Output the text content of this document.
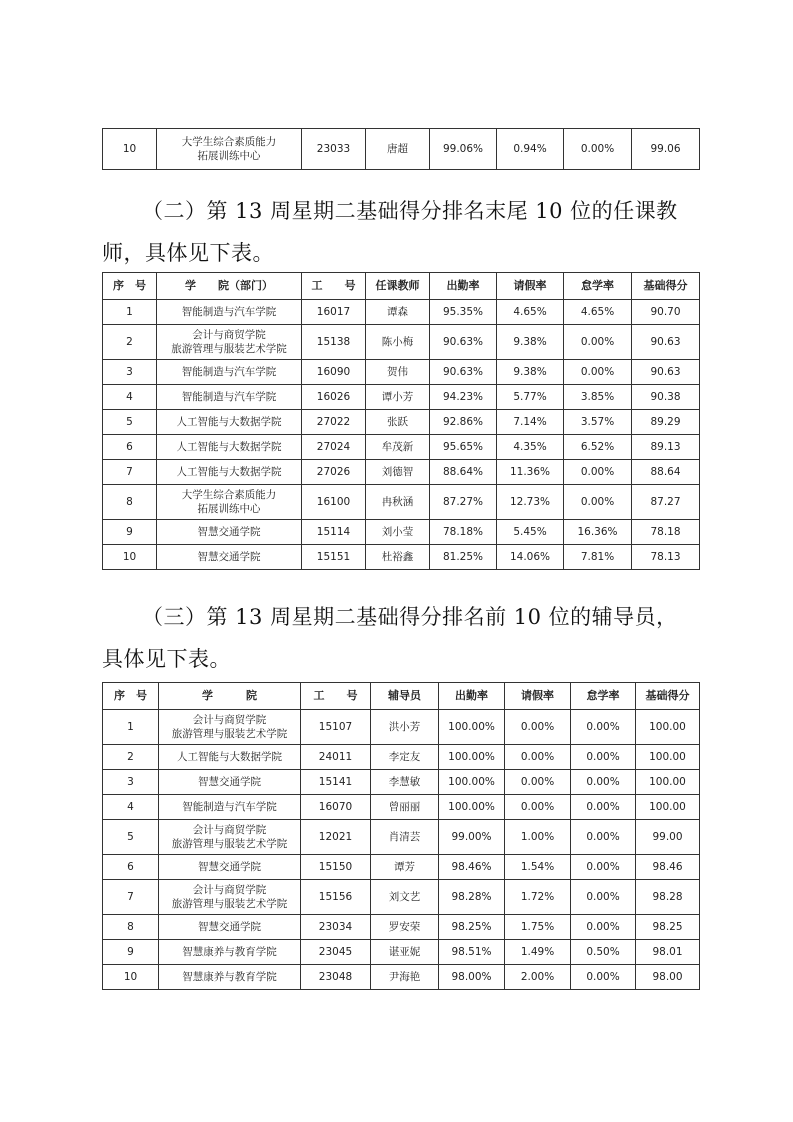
10	大学生综合素质能力
拓展训练中心	23033	唐超	99.06%	0.94%	0.00%	99.06

（二）第 13 周星期二基础得分排名末尾 10 位的任课教师，具体见下表。

序　号	学　　院（部门）	工　　号	任课教师	出勤率	请假率	怠学率	基础得分
1	智能制造与汽车学院	16017	谭森	95.35%	4.65%	4.65%	90.70
2	会计与商贸学院
旅游管理与服装艺术学院	15138	陈小梅	90.63%	9.38%	0.00%	90.63
3	智能制造与汽车学院	16090	贺伟	90.63%	9.38%	0.00%	90.63
4	智能制造与汽车学院	16026	谭小芳	94.23%	5.77%	3.85%	90.38
5	人工智能与大数据学院	27022	张跃	92.86%	7.14%	3.57%	89.29
6	人工智能与大数据学院	27024	牟茂新	95.65%	4.35%	6.52%	89.13
7	人工智能与大数据学院	27026	刘德智	88.64%	11.36%	0.00%	88.64
8	大学生综合素质能力
拓展训练中心	16100	冉秋涵	87.27%	12.73%	0.00%	87.27
9	智慧交通学院	15114	刘小莹	78.18%	5.45%	16.36%	78.18
10	智慧交通学院	15151	杜裕鑫	81.25%	14.06%	7.81%	78.13

（三）第 13 周星期二基础得分排名前 10 位的辅导员，具体见下表。

序　号	学　　　院	工　　号	辅导员	出勤率	请假率	怠学率	基础得分
1	会计与商贸学院
旅游管理与服装艺术学院	15107	洪小芳	100.00%	0.00%	0.00%	100.00
2	人工智能与大数据学院	24011	李定友	100.00%	0.00%	0.00%	100.00
3	智慧交通学院	15141	李慧敏	100.00%	0.00%	0.00%	100.00
4	智能制造与汽车学院	16070	曾丽丽	100.00%	0.00%	0.00%	100.00
5	会计与商贸学院
旅游管理与服装艺术学院	12021	肖清芸	99.00%	1.00%	0.00%	99.00
6	智慧交通学院	15150	谭芳	98.46%	1.54%	0.00%	98.46
7	会计与商贸学院
旅游管理与服装艺术学院	15156	刘文艺	98.28%	1.72%	0.00%	98.28
8	智慧交通学院	23034	罗安荣	98.25%	1.75%	0.00%	98.25
9	智慧康养与教育学院	23045	谌亚妮	98.51%	1.49%	0.50%	98.01
10	智慧康养与教育学院	23048	尹海艳	98.00%	2.00%	0.00%	98.00
